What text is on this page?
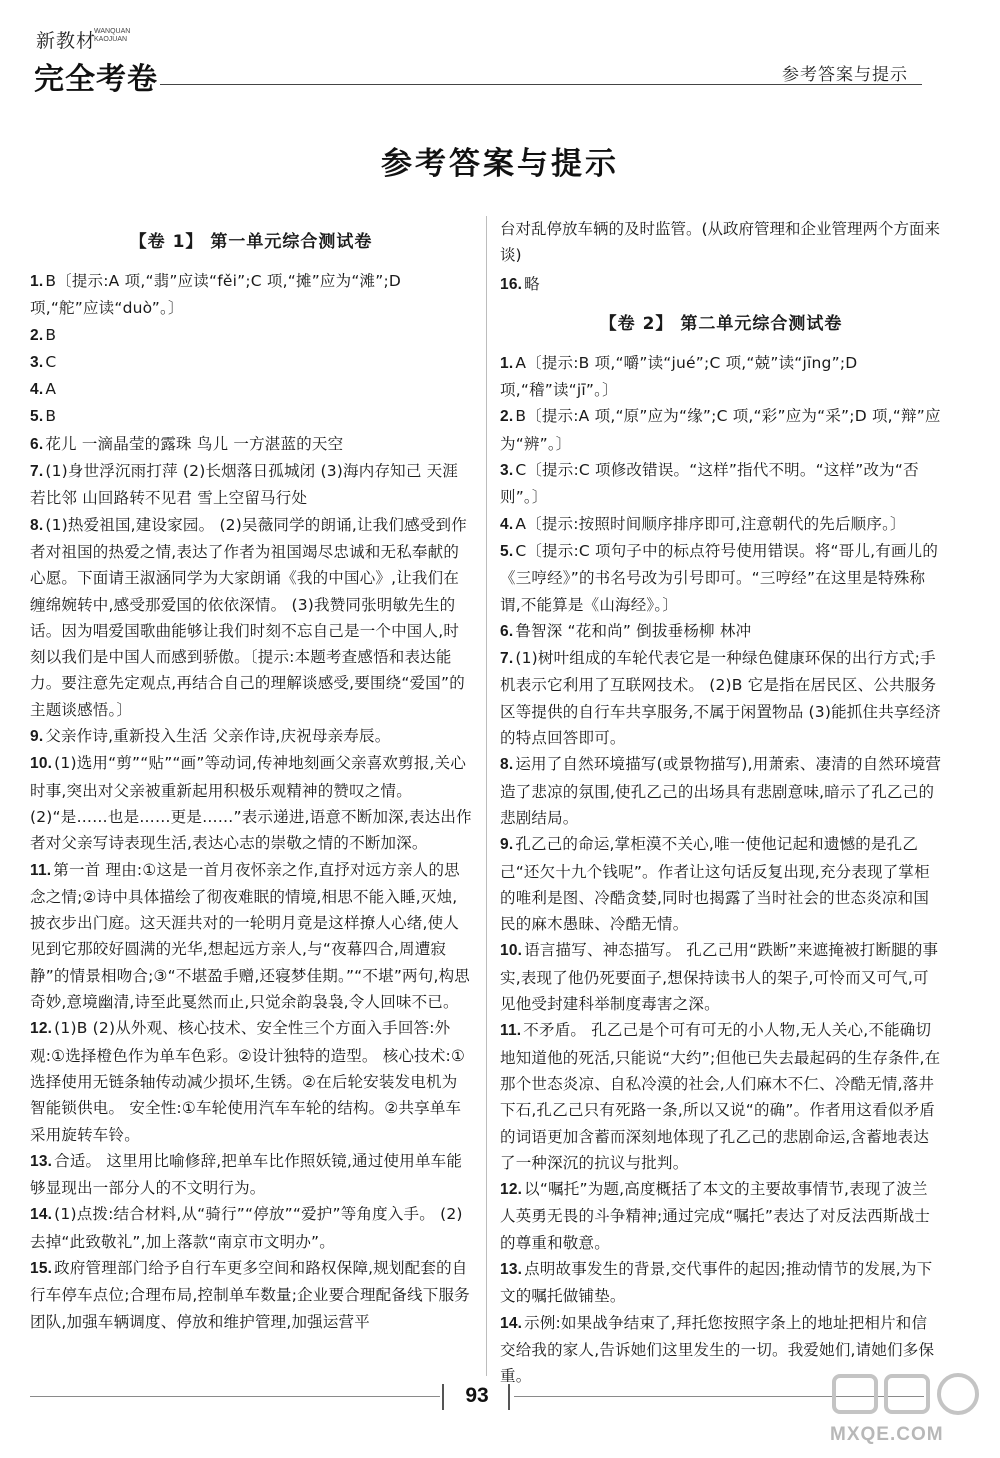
新教材
WANQUAN
KAOJUAN
完全考卷	参考答案与提示
参考答案与提示
【卷 1】 第一单元综合测试卷
1. B〔提示:A 项,“翡”应读“fěi”;C 项,“摊”应为“滩”;D 项,“舵”应读“duò”。〕
2. B
3. C
4. A
5. B
6. 花儿 一滴晶莹的露珠 鸟儿 一方湛蓝的天空
7. (1)身世浮沉雨打萍 (2)长烟落日孤城闭 (3)海内存知己 天涯若比邻 山回路转不见君 雪上空留马行处
8. (1)热爱祖国,建设家园。 (2)吴薇同学的朗诵,让我们感受到作者对祖国的热爱之情,表达了作者为祖国竭尽忠诚和无私奉献的心愿。下面请王淑涵同学为大家朗诵《我的中国心》,让我们在缠绵婉转中,感受那爱国的依依深情。 (3)我赞同张明敏先生的话。因为唱爱国歌曲能够让我们时刻不忘自己是一个中国人,时刻以我们是中国人而感到骄傲。〔提示:本题考查感悟和表达能力。要注意先定观点,再结合自己的理解谈感受,要围绕“爱国”的主题谈感悟。〕
9. 父亲作诗,重新投入生活 父亲作诗,庆祝母亲寿辰。
10. (1)选用“剪”“贴”“画”等动词,传神地刻画父亲喜欢剪报,关心时事,突出对父亲被重新起用积极乐观精神的赞叹之情。 (2)“是……也是……更是……”表示递进,语意不断加深,表达出作者对父亲写诗表现生活,表达心志的崇敬之情的不断加深。
11. 第一首 理由:①这是一首月夜怀亲之作,直抒对远方亲人的思念之情;②诗中具体描绘了彻夜难眠的情境,相思不能入睡,灭烛,披衣步出门庭。这天涯共对的一轮明月竟是这样撩人心绪,使人见到它那皎好圆满的光华,想起远方亲人,与“夜幕四合,周遭寂静”的情景相吻合;③“不堪盈手赠,还寝梦佳期。”“不堪”两句,构思奇妙,意境幽清,诗至此戛然而止,只觉余韵袅袅,令人回味不已。
12. (1)B (2)从外观、核心技术、安全性三个方面入手回答:外观:①选择橙色作为单车色彩。②设计独特的造型。 核心技术:①选择使用无链条轴传动减少损坏,生锈。②在后轮安装发电机为智能锁供电。 安全性:①车轮使用汽车车轮的结构。②共享单车采用旋转车铃。
13. 合适。 这里用比喻修辞,把单车比作照妖镜,通过使用单车能够显现出一部分人的不文明行为。
14. (1)点拨:结合材料,从“骑行”“停放”“爱护”等角度入手。 (2)去掉“此致敬礼”,加上落款“南京市文明办”。
15. 政府管理部门给予自行车更多空间和路权保障,规划配套的自行车停车点位;合理布局,控制单车数量;企业要合理配备线下服务团队,加强车辆调度、停放和维护管理,加强运营平
台对乱停放车辆的及时监管。(从政府管理和企业管理两个方面来谈)
16. 略
【卷 2】 第二单元综合测试卷
1. A〔提示:B 项,“嚼”读“jué”;C 项,“兢”读“jīng”;D 项,“稽”读“jī”。〕
2. B〔提示:A 项,“原”应为“缘”;C 项,“彩”应为“采”;D 项,“辩”应为“辨”。〕
3. C〔提示:C 项修改错误。“这样”指代不明。“这样”改为“否则”。〕
4. A〔提示:按照时间顺序排序即可,注意朝代的先后顺序。〕
5. C〔提示:C 项句子中的标点符号使用错误。将“哥儿,有画儿的《三哼经》”的书名号改为引号即可。“三哼经”在这里是特殊称谓,不能算是《山海经》。〕
6. 鲁智深 “花和尚” 倒拔垂杨柳 林冲
7. (1)树叶组成的车轮代表它是一种绿色健康环保的出行方式;手机表示它利用了互联网技术。 (2)B 它是指在居民区、公共服务区等提供的自行车共享服务,不属于闲置物品 (3)能抓住共享经济的特点回答即可。
8. 运用了自然环境描写(或景物描写),用萧索、凄清的自然环境营造了悲凉的氛围,使孔乙己的出场具有悲剧意味,暗示了孔乙己的悲剧结局。
9. 孔乙己的命运,掌柜漠不关心,唯一使他记起和遗憾的是孔乙己“还欠十九个钱呢”。作者让这句话反复出现,充分表现了掌柜的唯利是图、冷酷贪婪,同时也揭露了当时社会的世态炎凉和国民的麻木愚昧、冷酷无情。
10. 语言描写、神态描写。 孔乙己用“跌断”来遮掩被打断腿的事实,表现了他仍死要面子,想保持读书人的架子,可怜而又可气,可见他受封建科举制度毒害之深。
11. 不矛盾。 孔乙己是个可有可无的小人物,无人关心,不能确切地知道他的死活,只能说“大约”;但他已失去最起码的生存条件,在那个世态炎凉、自私冷漠的社会,人们麻木不仁、冷酷无情,落井下石,孔乙己只有死路一条,所以又说“的确”。作者用这看似矛盾的词语更加含蓄而深刻地体现了孔乙己的悲剧命运,含蓄地表达了一种深沉的抗议与批判。
12. 以“嘱托”为题,高度概括了本文的主要故事情节,表现了波兰人英勇无畏的斗争精神;通过完成“嘱托”表达了对反法西斯战士的尊重和敬意。
13. 点明故事发生的背景,交代事件的起因;推动情节的发展,为下文的嘱托做铺垫。
14. 示例:如果战争结束了,拜托您按照字条上的地址把相片和信交给我的家人,告诉她们这里发生的一切。我爱她们,请她们多保重。
93
MXQE.COM
